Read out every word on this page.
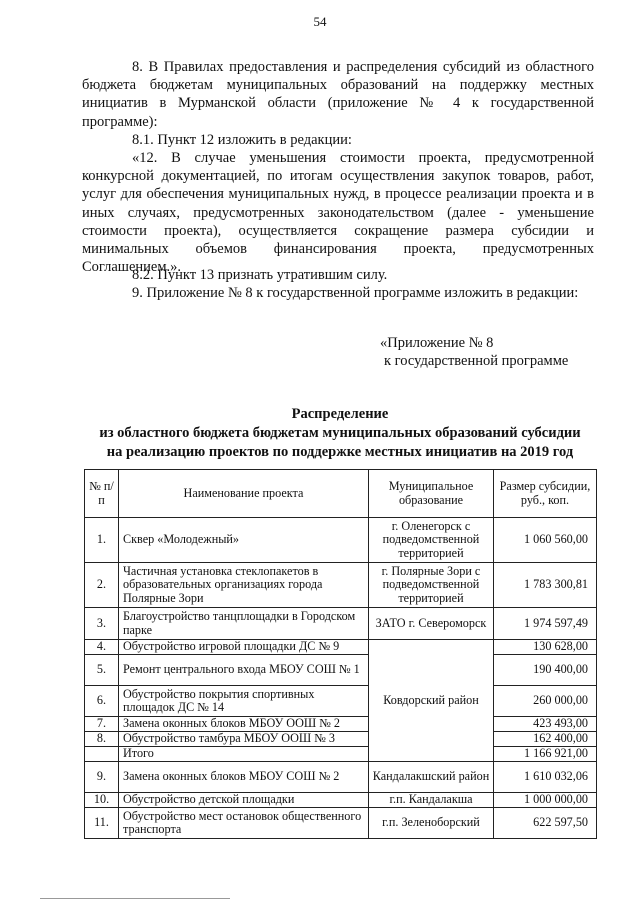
54
8. В Правилах предоставления и распределения субсидий из областного бюджета бюджетам муниципальных образований на поддержку местных инициатив в Мурманской области (приложение № 4 к государственной программе):
8.1. Пункт 12 изложить в редакции:
«12. В случае уменьшения стоимости проекта, предусмотренной конкурсной документацией, по итогам осуществления закупок товаров, работ, услуг для обеспечения муниципальных нужд, в процессе реализации проекта и в иных случаях, предусмотренных законодательством (далее - уменьшение стоимости проекта), осуществляется сокращение размера субсидии и минимальных объемов финансирования проекта, предусмотренных Соглашением.».
8.2. Пункт 13 признать утратившим силу.
9. Приложение № 8 к государственной программе изложить в редакции:
«Приложение № 8
к государственной программе
Распределение
из областного бюджета бюджетам муниципальных образований субсидии
на реализацию проектов по поддержке местных инициатив на 2019 год
№ п/п	Наименование проекта	Муниципальное образование	Размер субсидии, руб., коп.
1.	Сквер «Молодежный»	г. Оленегорск с подведомственной территорией	1 060 560,00
2.	Частичная установка стеклопакетов в образовательных организациях города Полярные Зори	г. Полярные Зори с подведомственной территорией	1 783 300,81
3.	Благоустройство танцплощадки в Городском парке	ЗАТО г. Североморск	1 974 597,49
4.	Обустройство игровой площадки ДС № 9	Ковдорский район	130 628,00
5.	Ремонт центрального входа МБОУ СОШ № 1		190 400,00
6.	Обустройство покрытия спортивных площадок ДС № 14		260 000,00
7.	Замена оконных блоков МБОУ ООШ № 2		423 493,00
8.	Обустройство тамбура МБОУ ООШ № 3		162 400,00
	Итого		1 166 921,00
9.	Замена оконных блоков МБОУ СОШ № 2	Кандалакшский район	1 610 032,06
10.	Обустройство детской площадки	г.п. Кандалакша	1 000 000,00
11.	Обустройство мест остановок общественного транспорта	г.п. Зеленоборский	622 597,50
